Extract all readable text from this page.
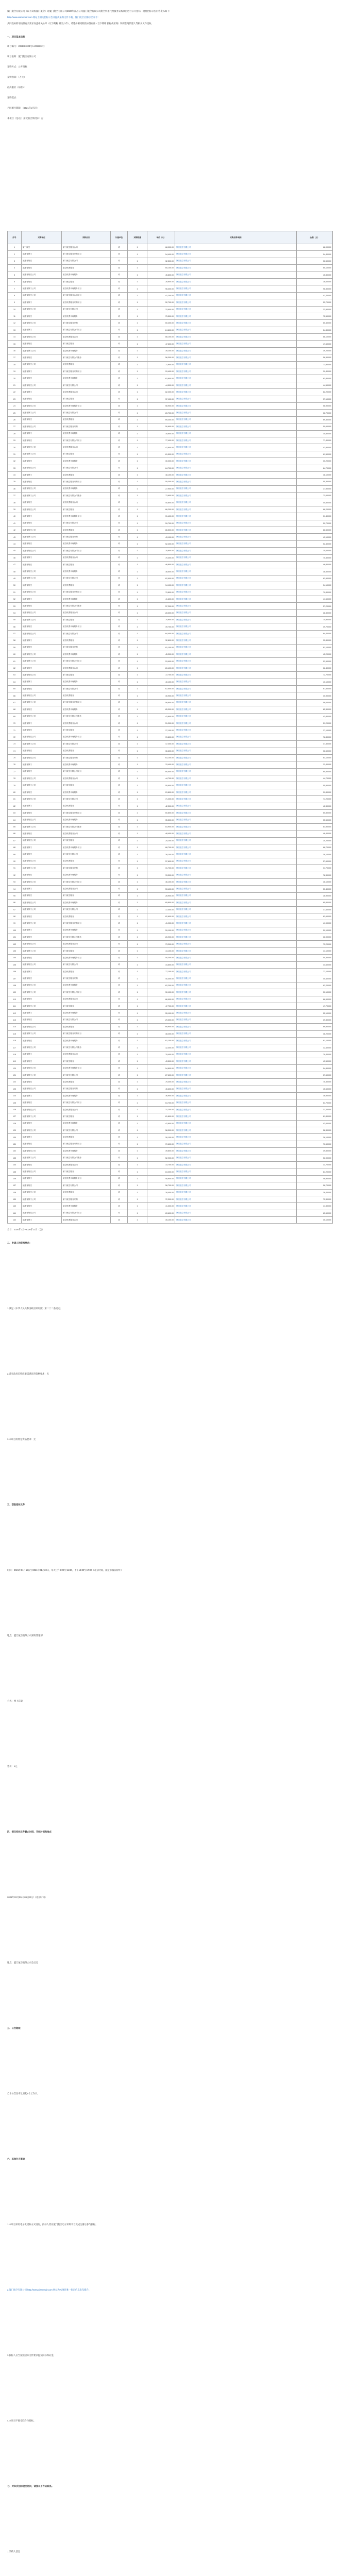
厦门航空有限公司（以下简称厦门航空）对厦门航空有限公司2020年南昌公司厦门航空有限公司航空机票代理服务采购项目进行公开招标，现将招标公告内容发布如下：
http://www.xiamenair.com 网站上相关招标公告并提供采购文件下载，厦门航空 招标公告如下：
共同投标的请按照有关要求加盖相关公章（以下简称 相关公章），请选择相同的投标供应商（以下简称 投标供应商）和所在地代理人等相关文件投标。
一、项目基本信息
项目编号：2021GK023号1-2021112号
项目名称：厦门航空有限公司
采购方式：公开招标
采购预算：（万元）
最高限价（如有）：
采购需求：
合同履行期限：（2021年x月起）
本项目（是/否）接受联合体投标：否
序号	采购单位	采购品目	计量单位	采购数量	单价（元）	采购品牌/规格	金额（元）
1	厦门航空	厦门航空服务合同	项	1	68,000.00	厦门航空有限公司	68,000.00
2	福建省厦门	厦门航空服务采购项目	项	1	54,400.00	厦门航空有限公司	54,400.00
3	福建省航空	厦门航空有限公司	项	1	32,500.00	厦门航空有限公司	32,500.00
4	福建省航空	航空机票服务	项	1	65,100.00	厦门航空有限公司	65,100.00
5	福建省航空公司	航空机票代理服务	项	1	45,800.00	厦门航空有限公司	45,800.00
6	福建省航空	厦门航空服务	项	1	28,600.00	厦门航空有限公司	28,600.00
7	福建省厦门公司	航空机票代理服务项目	项	1	96,300.00	厦门航空有限公司	96,300.00
8	福建省航空公司	厦门航空服务合同项目	项	1	41,200.00	厦门航空有限公司	41,200.00
9	福建省厦门	航空机票服务采购项目	项	1	52,700.00	厦门航空有限公司	52,700.00
10	福建省航空公司	厦门航空有限公司	项	1	33,900.00	厦门航空有限公司	33,900.00
11	福建省航空	航空机票代理服务	项	1	75,500.00	厦门航空有限公司	75,500.00
12	福建省航空公司	厦门航空服务采购	项	1	60,400.00	厦门航空有限公司	60,400.00
13	福建省厦门	厦门航空有限公司项目	项	1	24,800.00	厦门航空有限公司	24,800.00
14	福建省航空公司	航空机票服务合同	项	1	88,100.00	厦门航空有限公司	88,100.00
15	福建省航空	厦门航空服务	项	1	47,600.00	厦门航空有限公司	47,600.00
16	福建省厦门公司	航空机票代理服务	项	1	39,200.00	厦门航空有限公司	39,200.00
17	福建省航空	厦门航空有限公司服务	项	1	56,300.00	厦门航空有限公司	56,300.00
18	福建省航空公司	航空机票服务	项	1	71,900.00	厦门航空有限公司	71,900.00
19	福建省厦门	厦门航空服务采购项目	项	1	29,400.00	厦门航空有限公司	29,400.00
20	福建省航空	航空机票代理服务	项	1	63,800.00	厦门航空有限公司	63,800.00
21	福建省航空公司	厦门航空有限公司	项	1	44,500.00	厦门航空有限公司	44,500.00
22	福建省厦门	航空机票服务合同	项	1	82,200.00	厦门航空有限公司	82,200.00
23	福建省航空	厦门航空服务	项	1	37,100.00	厦门航空有限公司	37,100.00
24	福建省航空公司	航空机票代理服务项目	项	1	58,900.00	厦门航空有限公司	58,900.00
25	福建省厦门公司	厦门航空有限公司	项	1	26,700.00	厦门航空有限公司	26,700.00
26	福建省航空	航空机票服务	项	1	69,300.00	厦门航空有限公司	69,300.00
27	福建省航空公司	厦门航空服务采购	项	1	50,600.00	厦门航空有限公司	50,600.00
28	福建省厦门	航空机票代理服务	项	1	35,800.00	厦门航空有限公司	35,800.00
29	福建省航空	厦门航空有限公司项目	项	1	77,400.00	厦门航空有限公司	77,400.00
30	福建省航空公司	航空机票服务合同	项	1	42,900.00	厦门航空有限公司	42,900.00
31	福建省厦门公司	厦门航空服务	项	1	61,500.00	厦门航空有限公司	61,500.00
32	福建省航空	航空机票代理服务	项	1	30,200.00	厦门航空有限公司	30,200.00
33	福建省航空公司	厦门航空有限公司	项	1	84,700.00	厦门航空有限公司	84,700.00
34	福建省厦门	航空机票服务	项	1	48,100.00	厦门航空有限公司	48,100.00
35	福建省航空	厦门航空服务采购项目	项	1	55,300.00	厦门航空有限公司	55,300.00
36	福建省航空公司	航空机票代理服务	项	1	27,900.00	厦门航空有限公司	27,900.00
37	福建省厦门公司	厦门航空有限公司服务	项	1	73,600.00	厦门航空有限公司	73,600.00
38	福建省航空	航空机票服务合同	项	1	40,800.00	厦门航空有限公司	40,800.00
39	福建省航空公司	厦门航空服务	项	1	66,200.00	厦门航空有限公司	66,200.00
40	福建省厦门	航空机票代理服务项目	项	1	31,400.00	厦门航空有限公司	31,400.00
41	福建省航空	厦门航空有限公司	项	1	59,700.00	厦门航空有限公司	59,700.00
42	福建省航空公司	航空机票服务	项	1	86,500.00	厦门航空有限公司	86,500.00
43	福建省厦门公司	厦门航空服务采购	项	1	43,100.00	厦门航空有限公司	43,100.00
44	福建省航空	航空机票代理服务	项	1	52,400.00	厦门航空有限公司	52,400.00
45	福建省航空公司	厦门航空有限公司项目	项	1	25,600.00	厦门航空有限公司	25,600.00
46	福建省厦门	航空机票服务合同	项	1	70,300.00	厦门航空有限公司	70,300.00
47	福建省航空	厦门航空服务	项	1	46,800.00	厦门航空有限公司	46,800.00
48	福建省航空公司	航空机票代理服务	项	1	38,500.00	厦门航空有限公司	38,500.00
49	福建省厦门公司	厦门航空有限公司	项	1	62,900.00	厦门航空有限公司	62,900.00
50	福建省航空	航空机票服务	项	1	34,100.00	厦门航空有限公司	34,100.00
51	福建省航空公司	厦门航空服务采购项目	项	1	79,800.00	厦门航空有限公司	79,800.00
52	福建省厦门	航空机票代理服务	项	1	41,600.00	厦门航空有限公司	41,600.00
53	福建省航空	厦门航空有限公司服务	项	1	57,200.00	厦门航空有限公司	57,200.00
54	福建省航空公司	航空机票服务合同	项	1	28,300.00	厦门航空有限公司	28,300.00
55	福建省厦门公司	厦门航空服务	项	1	74,900.00	厦门航空有限公司	74,900.00
56	福建省航空	航空机票代理服务项目	项	1	39,700.00	厦门航空有限公司	39,700.00
57	福建省航空公司	厦门航空有限公司	项	1	64,400.00	厦门航空有限公司	64,400.00
58	福建省厦门	航空机票服务	项	1	32,800.00	厦门航空有限公司	32,800.00
59	福建省航空	厦门航空服务采购	项	1	81,100.00	厦门航空有限公司	81,100.00
60	福建省航空公司	航空机票代理服务	项	1	45,200.00	厦门航空有限公司	45,200.00
61	福建省厦门公司	厦门航空有限公司项目	项	1	53,900.00	厦门航空有限公司	53,900.00
62	福建省航空	航空机票服务合同	项	1	26,400.00	厦门航空有限公司	26,400.00
63	福建省航空公司	厦门航空服务	项	1	72,700.00	厦门航空有限公司	72,700.00
64	福建省厦门	航空机票代理服务	项	1	40,100.00	厦门航空有限公司	40,100.00
65	福建省航空	厦门航空有限公司	项	1	67,500.00	厦门航空有限公司	67,500.00
66	福建省航空公司	航空机票服务	项	1	30,900.00	厦门航空有限公司	30,900.00
67	福建省厦门公司	厦门航空服务采购项目	项	1	58,600.00	厦门航空有限公司	58,600.00
68	福建省航空	航空机票代理服务	项	1	85,300.00	厦门航空有限公司	85,300.00
69	福建省航空公司	厦门航空有限公司服务	项	1	43,800.00	厦门航空有限公司	43,800.00
70	福建省厦门	航空机票服务合同	项	1	51,200.00	厦门航空有限公司	51,200.00
71	福建省航空	厦门航空服务	项	1	27,100.00	厦门航空有限公司	27,100.00
72	福建省航空公司	航空机票代理服务项目	项	1	76,800.00	厦门航空有限公司	76,800.00
73	福建省厦门公司	厦门航空有限公司	项	1	47,300.00	厦门航空有限公司	47,300.00
74	福建省航空	航空机票服务	项	1	36,600.00	厦门航空有限公司	36,600.00
75	福建省航空公司	厦门航空服务采购	项	1	63,100.00	厦门航空有限公司	63,100.00
76	福建省厦门	航空机票代理服务	项	1	33,400.00	厦门航空有限公司	33,400.00
77	福建省航空	厦门航空有限公司项目	项	1	80,500.00	厦门航空有限公司	80,500.00
78	福建省航空公司	航空机票服务合同	项	1	44,700.00	厦门航空有限公司	44,700.00
79	福建省厦门公司	厦门航空服务	项	1	55,900.00	厦门航空有限公司	55,900.00
80	福建省航空	航空机票代理服务	项	1	29,800.00	厦门航空有限公司	29,800.00
81	福建省航空公司	厦门航空有限公司	项	1	71,200.00	厦门航空有限公司	71,200.00
82	福建省厦门	航空机票服务	项	1	42,300.00	厦门航空有限公司	42,300.00
83	福建省航空	厦门航空服务采购项目	项	1	60,800.00	厦门航空有限公司	60,800.00
84	福建省航空公司	航空机票代理服务	项	1	35,500.00	厦门航空有限公司	35,500.00
85	福建省厦门公司	厦门航空有限公司服务	项	1	83,900.00	厦门航空有限公司	83,900.00
86	福建省航空	航空机票服务合同	项	1	48,400.00	厦门航空有限公司	48,400.00
87	福建省航空公司	厦门航空服务	项	1	25,200.00	厦门航空有限公司	25,200.00
88	福建省厦门	航空机票代理服务项目	项	1	68,700.00	厦门航空有限公司	68,700.00
89	福建省航空	厦门航空有限公司	项	1	39,100.00	厦门航空有限公司	39,100.00
90	福建省航空公司	航空机票服务	项	1	57,600.00	厦门航空有限公司	57,600.00
91	福建省厦门公司	厦门航空服务采购	项	1	31,700.00	厦门航空有限公司	31,700.00
92	福建省航空	航空机票代理服务	项	1	78,300.00	厦门航空有限公司	78,300.00
93	福建省航空公司	厦门航空有限公司项目	项	1	46,100.00	厦门航空有限公司	46,100.00
94	福建省厦门	航空机票服务合同	项	1	53,400.00	厦门航空有限公司	53,400.00
95	福建省航空	厦门航空服务	项	1	28,900.00	厦门航空有限公司	28,900.00
96	福建省航空公司	航空机票代理服务	项	1	65,800.00	厦门航空有限公司	65,800.00
97	福建省厦门公司	厦门航空有限公司	项	1	37,400.00	厦门航空有限公司	37,400.00
98	福建省航空	航空机票服务	项	1	82,600.00	厦门航空有限公司	82,600.00
99	福建省航空公司	厦门航空服务采购项目	项	1	41,900.00	厦门航空有限公司	41,900.00
100	福建省厦门	航空机票代理服务	项	1	59,100.00	厦门航空有限公司	59,100.00
101	福建省航空	厦门航空有限公司服务	项	1	26,900.00	厦门航空有限公司	26,900.00
102	福建省航空公司	航空机票服务合同	项	1	73,200.00	厦门航空有限公司	73,200.00
103	福建省厦门公司	厦门航空服务	项	1	44,100.00	厦门航空有限公司	44,100.00
104	福建省航空	航空机票代理服务项目	项	1	50,300.00	厦门航空有限公司	50,300.00
105	福建省航空公司	厦门航空有限公司	项	1	34,600.00	厦门航空有限公司	34,600.00
106	福建省厦门	航空机票服务	项	1	77,100.00	厦门航空有限公司	77,100.00
107	福建省航空	厦门航空服务采购	项	1	40,400.00	厦门航空有限公司	40,400.00
108	福建省航空公司	航空机票代理服务	项	1	62,200.00	厦门航空有限公司	62,200.00
109	福建省厦门公司	厦门航空有限公司项目	项	1	30,100.00	厦门航空有限公司	30,100.00
110	福建省航空	航空机票服务合同	项	1	86,900.00	厦门航空有限公司	86,900.00
111	福建省航空公司	厦门航空服务	项	1	47,700.00	厦门航空有限公司	47,700.00
112	福建省厦门	航空机票代理服务	项	1	55,100.00	厦门航空有限公司	55,100.00
113	福建省航空	厦门航空有限公司	项	1	29,300.00	厦门航空有限公司	29,300.00
114	福建省航空公司	航空机票服务	项	1	69,900.00	厦门航空有限公司	69,900.00
115	福建省厦门公司	厦门航空服务采购项目	项	1	38,200.00	厦门航空有限公司	38,200.00
116	福建省航空	航空机票代理服务	项	1	61,100.00	厦门航空有限公司	61,100.00
117	福建省航空公司	厦门航空有限公司服务	项	1	32,400.00	厦门航空有限公司	32,400.00
118	福建省厦门	航空机票服务合同	项	1	79,400.00	厦门航空有限公司	79,400.00
119	福建省航空	厦门航空服务	项	1	43,500.00	厦门航空有限公司	43,500.00
120	福建省航空公司	航空机票代理服务项目	项	1	54,800.00	厦门航空有限公司	54,800.00
121	福建省厦门公司	厦门航空有限公司	项	1	27,600.00	厦门航空有限公司	27,600.00
122	福建省航空	航空机票服务	项	1	75,300.00	厦门航空有限公司	75,300.00
123	福建省航空公司	厦门航空服务采购	项	1	45,600.00	厦门航空有限公司	45,600.00
124	福建省厦门	航空机票代理服务	项	1	36,900.00	厦门航空有限公司	36,900.00
125	福建省航空	厦门航空有限公司项目	项	1	64,700.00	厦门航空有限公司	64,700.00
126	福建省航空公司	航空机票服务合同	项	1	31,200.00	厦门航空有限公司	31,200.00
127	福建省厦门公司	厦门航空服务	项	1	81,800.00	厦门航空有限公司	81,800.00
128	福建省航空	航空机票代理服务	项	1	42,600.00	厦门航空有限公司	42,600.00
129	福建省航空公司	厦门航空有限公司	项	1	58,300.00	厦门航空有限公司	58,300.00
130	福建省厦门	航空机票服务	项	1	26,100.00	厦门航空有限公司	26,100.00
131	福建省航空	厦门航空服务采购项目	项	1	70,600.00	厦门航空有限公司	70,600.00
132	福建省航空公司	航空机票代理服务	项	1	39,800.00	厦门航空有限公司	39,800.00
133	福建省厦门公司	厦门航空有限公司服务	项	1	52,900.00	厦门航空有限公司	52,900.00
134	福建省航空	航空机票服务合同	项	1	33,700.00	厦门航空有限公司	33,700.00
135	福建省航空公司	厦门航空服务	项	1	84,200.00	厦门航空有限公司	84,200.00
136	福建省厦门	航空机票代理服务项目	项	1	48,900.00	厦门航空有限公司	48,900.00
137	福建省航空	厦门航空有限公司	项	1	56,700.00	厦门航空有限公司	56,700.00
138	福建省航空公司	航空机票服务	项	1	28,400.00	厦门航空有限公司	28,400.00
139	福建省厦门公司	厦门航空服务采购	项	1	72,300.00	厦门航空有限公司	72,300.00
140	福建省航空	航空机票代理服务	项	1	41,300.00	厦门航空有限公司	41,300.00
141	福建省航空公司	厦门航空有限公司项目	项	1	63,600.00	厦门航空有限公司	63,600.00
142	福建省厦门	航空机票服务合同	项	1	35,100.00	厦门航空有限公司	35,100.00
合计：2020年1月~2020年12月（含）
二、申请人的资格要求：
1.满足《中华人民共和国政府采购法》第二十二条规定；
2.落实政府采购政策需满足的资格要求：无
3.本项目的特定资格要求：无
三、获取招标文件
时间：2021年01月15日至2021年01月22日，每天上午9:00至11:30，下午14:00至17:00（北京时间，法定节假日除外）
地点：厦门航空有限公司采购管理部
方式：网上获取
售价：0元
四、提交投标文件截止时间、开标时间和地点
2021年02月05日 09点30分（北京时间）
地点：厦门航空有限公司会议室
五、公告期限
自本公告发布之日起5个工作日。
六、其他补充事宜
1.本项目采用电子化招标方式进行，投标人需在厦门航空电子采购平台完成注册后参与投标。
2.厦门航空有限公司 http://www.xiamenair.com 网站为本项目唯一指定信息发布媒介。
3.投标人应当按照招标文件要求提交投标保证金。
4.本项目不接受联合体投标。
七、对本次招标提出询问，请按以下方式联系。
1.采购人信息
